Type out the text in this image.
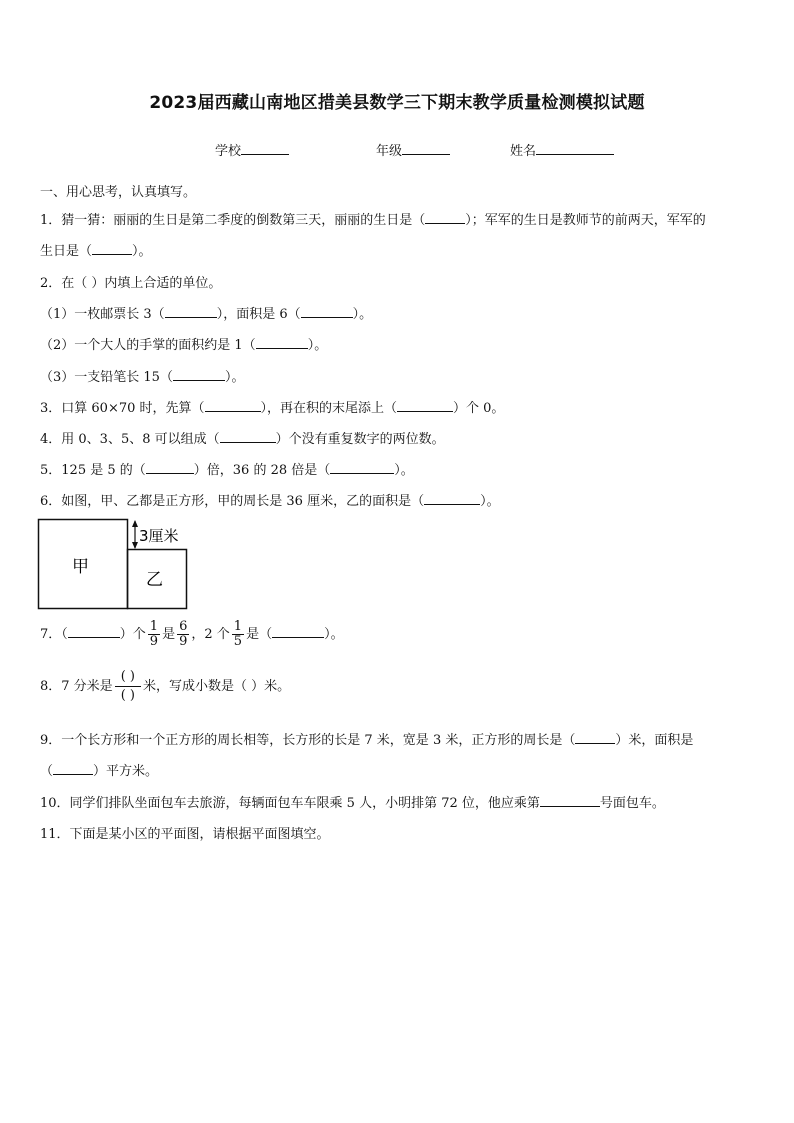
2023届西藏山南地区措美县数学三下期末教学质量检测模拟试题
学校	年级	姓名
一、用心思考，认真填写。
1．猜一猜：丽丽的生日是第二季度的倒数第三天，丽丽的生日是（	）；军军的生日是教师节的前两天，军军的
生日是（	）。
2．在（ ）内填上合适的单位。
（1）一枚邮票长 3（	），面积是 6（	）。
（2）一个大人的手掌的面积约是 1（	）。
（3）一支铅笔长 15（	）。
3．口算 60×70 时，先算（	），再在积的末尾添上（	）个 0。
4．用 0、3、5、8 可以组成（	）个没有重复数字的两位数。
5．125 是 5 的（	）倍，36 的 28 倍是（	）。
6．如图，甲、乙都是正方形，甲的周长是 36 厘米，乙的面积是（	）。
3厘米
甲
乙
7．（	）个 $\frac{1}{9}$ 是 $\frac{6}{9}$ ，2 个 $\frac{1}{5}$ 是（	）。
8．7 分米是 $\frac{( )}{( )}$ 米，写成小数是（ ）米。
9．一个长方形和一个正方形的周长相等，长方形的长是 7 米，宽是 3 米，正方形的周长是（	）米，面积是
（	）平方米。
10．同学们排队坐面包车去旅游，每辆面包车车限乘 5 人，小明排第 72 位，他应乘第	号面包车。
11．下面是某小区的平面图，请根据平面图填空。
